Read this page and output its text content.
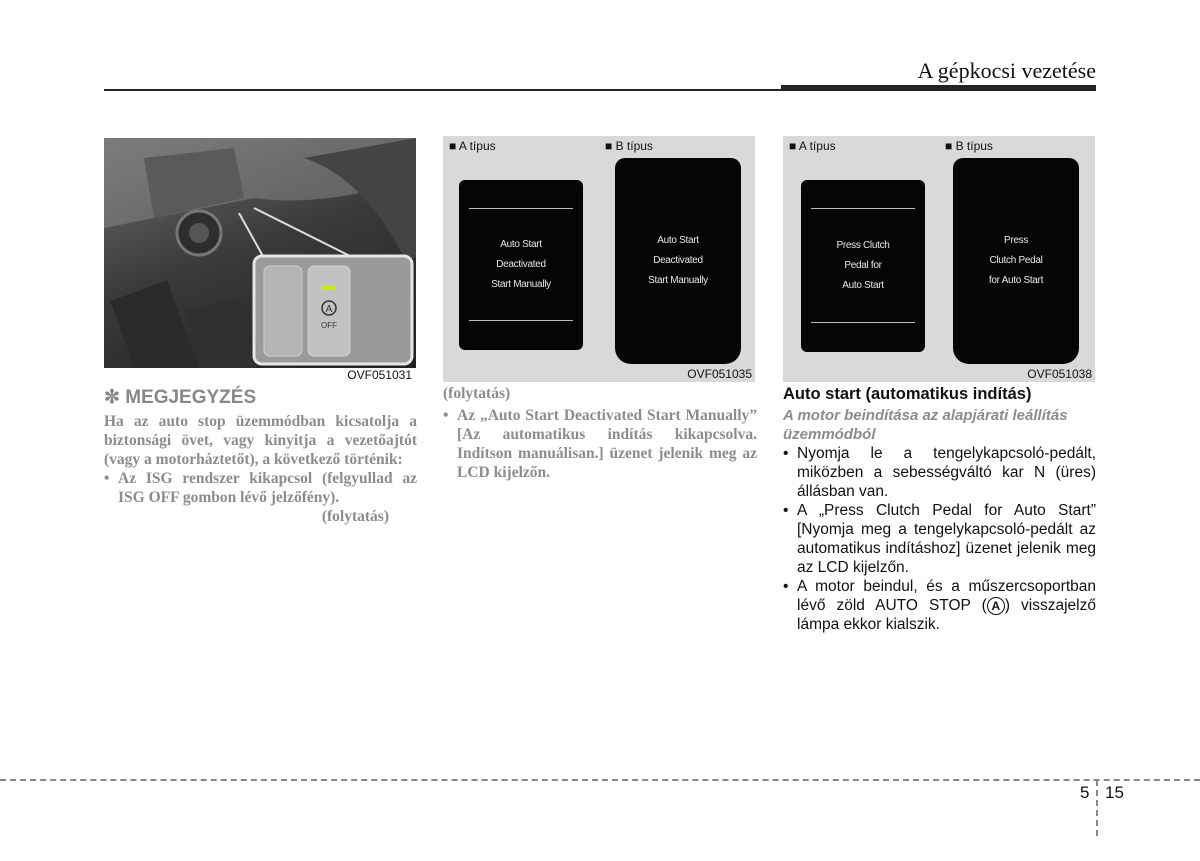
A gépkocsi vezetése
A
OFF
OVF051031
■ A típus	■ B típus
Auto Start
Deactivated
Start Manually
Auto Start
Deactivated
Start Manually
OVF051035
■ A típus	■ B típus
Press Clutch
Pedal for
Auto Start
Press
Clutch Pedal
for Auto Start
OVF051038
✼ MEGJEGYZÉS
Ha az auto stop üzemmódban kicsatolja a biztonsági övet, vagy kinyitja a vezetőajtót (vagy a motorháztetőt), a következő történik:
• Az ISG rendszer kikapcsol (felgyullad az ISG OFF gombon lévő jelzőfény).
(folytatás)
(folytatás)
• Az „Auto Start Deactivated Start Manually” [Az automatikus indítás kikapcsolva. Indítson manuálisan.] üzenet jelenik meg az LCD kijelzőn.
Auto start (automatikus indítás)
A motor beindítása az alapjárati leállítás üzemmódból
• Nyomja le a tengelykapcsoló-pedált, miközben a sebességváltó kar N (üres) állásban van.
• A „Press Clutch Pedal for Auto Start” [Nyomja meg a tengelykapcsoló-pedált az automatikus indításhoz] üzenet jelenik meg az LCD kijelzőn.
• A motor beindul, és a műszercsoportban lévő zöld AUTO STOP ( A ) visszajelző lámpa ekkor kialszik.
5 15
